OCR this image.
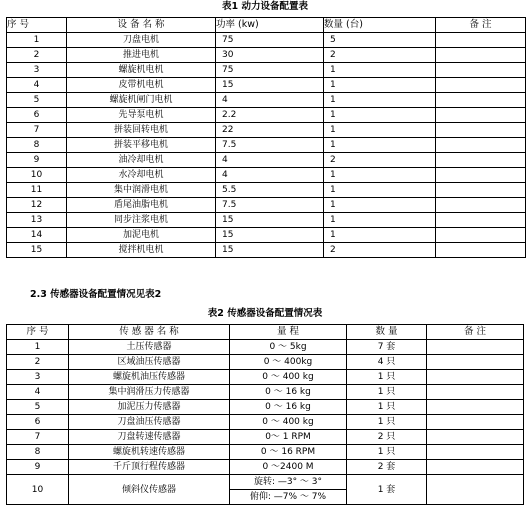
表1 动力设备配置表
序 号	设 备 名 称	功率 (kw)	数量 (台)	备 注
1	刀盘电机	75	5	
2	推进电机	30	2	
3	螺旋机电机	75	1	
4	皮带机电机	15	1	
5	螺旋机闸门电机	4	1	
6	先导泵电机	2.2	1	
7	拼装回转电机	22	1	
8	拼装平移电机	7.5	1	
9	油冷却电机	4	2	
10	水冷却电机	4	1	
11	集中润滑电机	5.5	1	
12	盾尾油脂电机	7.5	1	
13	同步注浆电机	15	1	
14	加泥电机	15	1	
15	搅拌机电机	15	2	
2.3 传感器设备配置情况见表2
表2 传感器设备配置情况表
序 号	传 感 器 名 称	量 程	数 量	备 注
1	土压传感器	0 ～ 5kg	7 套	
2	区域油压传感器	0 ～ 400kg	4 只	
3	螺旋机油压传感器	0 ～ 400 kg	1 只	
4	集中润滑压力传感器	0 ～ 16 kg	1 只	
5	加泥压力传感器	0 ～ 16 kg	1 只	
6	刀盘油压传感器	0 ～ 400 kg	1 只	
7	刀盘转速传感器	0～ 1 RPM	2 只	
8	螺旋机转速传感器	0 ～ 16 RPM	1 只	
9	千斤顶行程传感器	0 ～2400 M	2 套	
10	倾斜仪传感器	旋转: —3° ～ 3°	1 套	
		俯仰: —7% ～ 7%		
